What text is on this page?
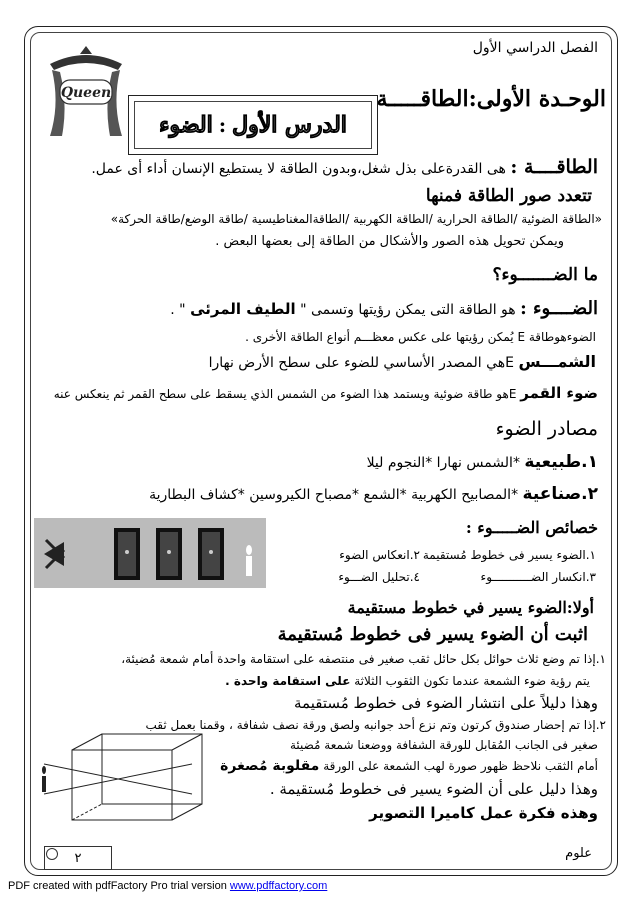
Queen
الفصل الدراسي الأول
الوحـدة الأولى:الطاقـــــة
الدرس الأول
:
الضوء
الطاقــــة : هى القدرةعلى بذل شغل،وبدون الطاقة لا يستطيع الإنسان أداء أى عمل.
تتعدد صور الطاقة فمنها
«الطاقة الضوئية /الطاقة الحرارية /الطاقة الكهربية /الطاقةالمغناطيسية /طاقة الوضع/طاقة الحركة»
ويمكن تحويل هذه الصور والأشكال من الطاقة إلى بعضها البعض .
ما الضـــــــوء؟
الضــــوء : هو الطاقة التى يمكن رؤيتها وتسمى " الطيف المرئى " .
الضوءهوطاقة E يُمكن رؤيتها على عكس معظـــم أنواع الطاقة الأخرى .
الشمـــس Eهي المصدر الأساسي للضوء على سطح الأرض نهارا
ضوء القمر Eهو طاقة ضوئية ويستمد هذا الضوء من الشمس الذي يسقط على سطح القمر ثم ينعكس عنه
مصادر الضوء
١.طبيعية *الشمس نهارا *النجوم ليلا
٢.صناعية *المصابيح الكهربية *الشمع *مصباح الكيروسين *كشاف البطارية
خصائص الضـــــوء :
١.الضوء يسير فى خطوط مُستقيمة
٢.انعكاس الضوء
٣.انكسار الضـــــــــــوء
٤.تحليل الضـــوء
أولا:الضوء يسير في خطوط مستقيمة
اثبت أن الضوء يسير فى خطوط مُستقيمة
١.إذا تم وضع ثلاث حوائل بكل حائل ثقب صغير فى منتصفه على استقامة واحدة أمام شمعة مُضيئة،
يتم رؤية ضوء الشمعة عندما تكون الثقوب الثلاثة على استقامة واحدة .
وهذا دليلاً على انتشار الضوء فى خطوط مُستقيمة
٢.إذا تم إحضار صندوق كرتون وتم نزع أحد جوانبه ولصق ورقة نصف شفافة ، وقمنا بعمل ثقب
صغير فى الجانب المُقابل للورقة الشفافة ووضعنا شمعة مُضيئة
أمام الثقب نلاحظ ظهور صورة لهب الشمعة على الورقة مقلوبة مُصغرة
وهذا دليل على أن الضوء يسير فى خطوط مُستقيمة .
وهذه فكرة عمل كاميرا التصوير
علوم
٢
PDF created with pdfFactory Pro trial version www.pdffactory.com
